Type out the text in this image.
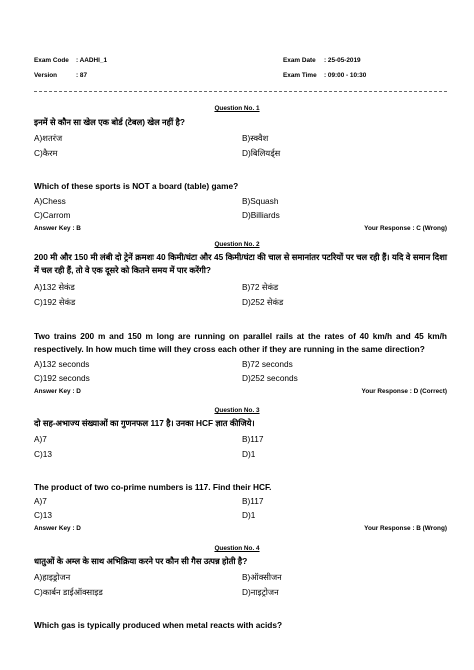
Exam Code : AADHI_1
Version	: 87
Exam Date : 25-05-2019
Exam Time : 09:00 - 10:30
Question No. 1
इनमें से कौन सा खेल एक बोर्ड (टेबल) खेल नहीं है?
A)शतरंज	B)स्क्वैश
C)कैरम	D)बिलियर्ड्स
Which of these sports is NOT a board (table) game?
A)Chess	B)Squash
C)Carrom	D)Billiards
Answer Key : B	Your Response : C (Wrong)
Question No. 2
200 मी और 150 मी लंबी दो ट्रेनें क्रमशः 40 किमी/घंटा और 45 किमी/घंटा की चाल से समानांतर पटरियों पर चल रही हैं। यदि वे समान दिशा में चल रही हैं, तो वे एक दूसरे को कितने समय में पार करेंगी?
A)132 सेकंड	B)72 सेकंड
C)192 सेकंड	D)252 सेकंड
Two trains 200 m and 150 m long are running on parallel rails at the rates of 40 km/h and 45 km/h respectively. In how much time will they cross each other if they are running in the same direction?
A)132 seconds	B)72 seconds
C)192 seconds	D)252 seconds
Answer Key : D	Your Response : D (Correct)
Question No. 3
दो सह-अभाज्य संख्याओं का गुणनफल 117 है। उनका HCF ज्ञात कीजिये।
A)7	B)117
C)13	D)1
The product of two co-prime numbers is 117. Find their HCF.
A)7	B)117
C)13	D)1
Answer Key : D	Your Response : B (Wrong)
Question No. 4
धातुओं के अम्ल के साथ अभिक्रिया करने पर कौन सी गैस उत्पन्न होती है?
A)हाइड्रोजन	B)ऑक्सीजन
C)कार्बन डाईऑक्साइड	D)नाइट्रोजन
Which gas is typically produced when metal reacts with acids?
